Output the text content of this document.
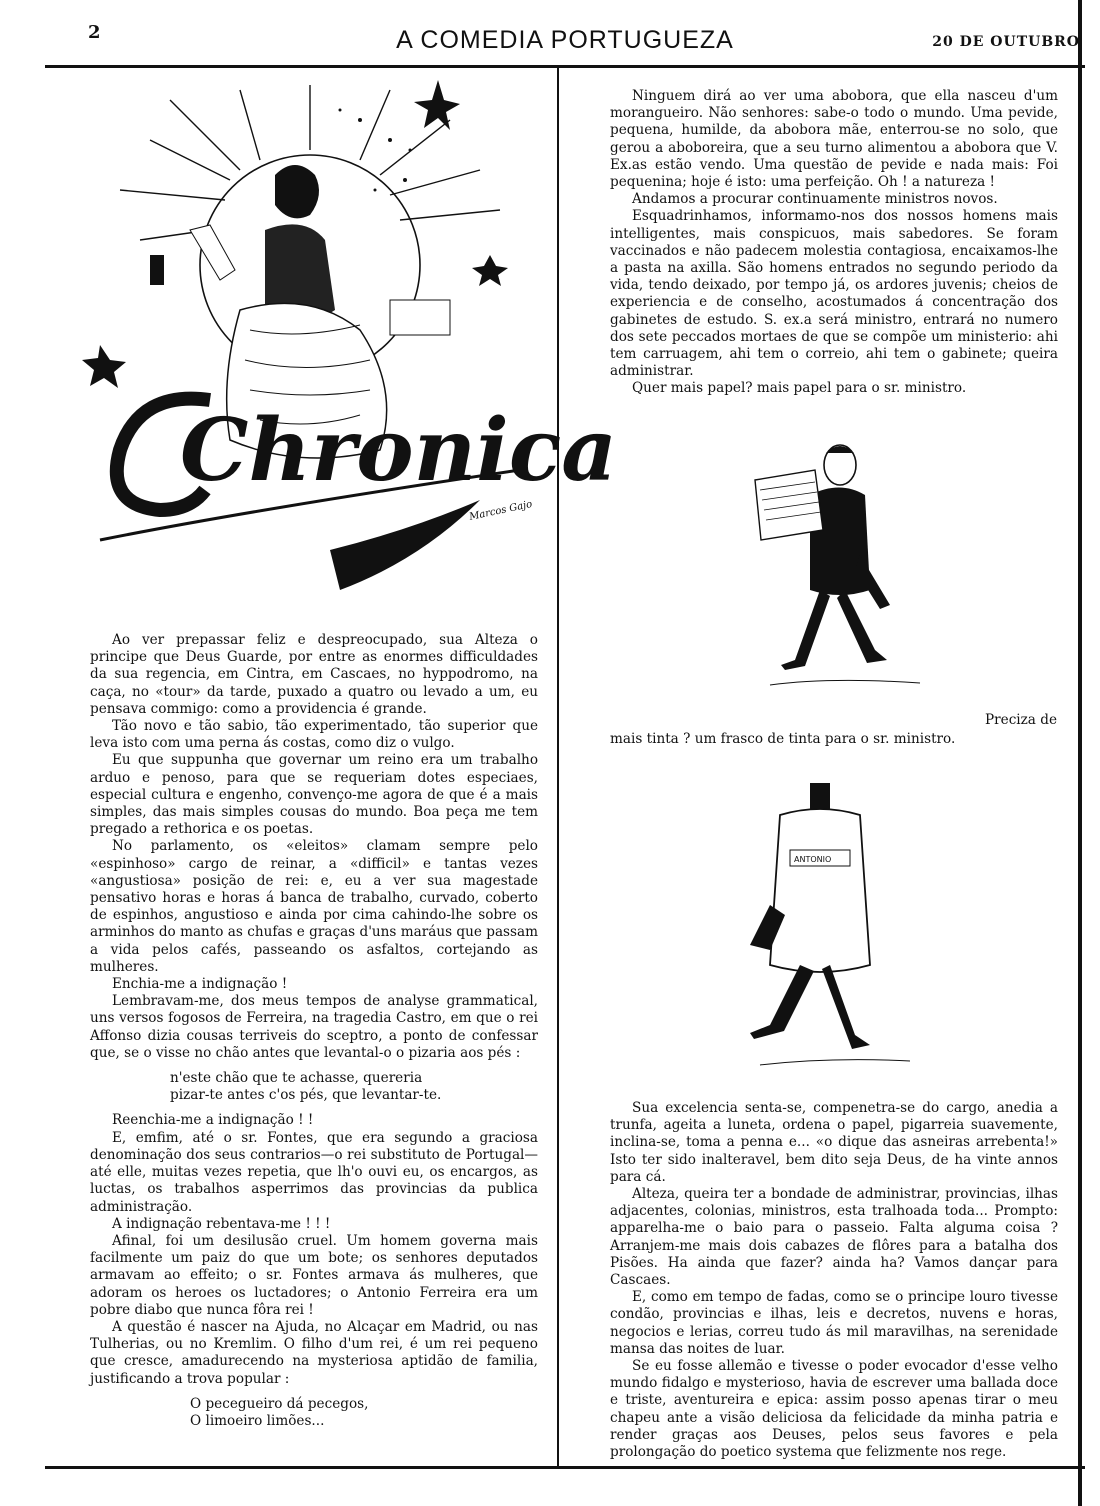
2	A COMEDIA PORTUGUEZA	20 DE OUTUBRO
Chronica
Marcos Gajo

Ao ver prepassar feliz e despreocupado, sua Alteza o principe que Deus Guarde, por entre as enormes difficuldades da sua regencia, em Cintra, em Cascaes, no hyppodromo, na caça, no «tour» da tarde, puxado a quatro ou levado a um, eu pensava commigo: como a providencia é grande.

Tão novo e tão sabio, tão experimentado, tão superior que leva isto com uma perna ás costas, como diz o vulgo.

Eu que suppunha que governar um reino era um trabalho arduo e penoso, para que se requeriam dotes especiaes, especial cultura e engenho, convenço-me agora de que é a mais simples, das mais simples cousas do mundo. Boa peça me tem pregado a rethorica e os poetas.

No parlamento, os «eleitos» clamam sempre pelo «espinhoso» cargo de reinar, a «difficil» e tantas vezes «angustiosa» posição de rei: e, eu a ver sua magestade pensativo horas e horas á banca de trabalho, curvado, coberto de espinhos, angustioso e ainda por cima cahindo-lhe sobre os arminhos do manto as chufas e graças d'uns maráus que passam a vida pelos cafés, passeando os asfaltos, cortejando as mulheres.

Enchia-me a indignação !

Lembravam-me, dos meus tempos de analyse grammatical, uns versos fogosos de Ferreira, na tragedia Castro, em que o rei Affonso dizia cousas terriveis do sceptro, a ponto de confessar que, se o visse no chão antes que levantal-o o pizaria aos pés :

n'este chão que te achasse, quereria
pizar-te antes c'os pés, que levantar-te.

Reenchia-me a indignação ! !

E, emfim, até o sr. Fontes, que era segundo a graciosa denominação dos seus contrarios—o rei substituto de Portugal—até elle, muitas vezes repetia, que lh'o ouvi eu, os encargos, as luctas, os trabalhos asperrimos das provincias da publica administração.

A indignação rebentava-me ! ! !

Afinal, foi um desilusão cruel. Um homem governa mais facilmente um paiz do que um bote; os senhores deputados armavam ao effeito; o sr. Fontes armava ás mulheres, que adoram os heroes os luctadores; o Antonio Ferreira era um pobre diabo que nunca fôra rei !

A questão é nascer na Ajuda, no Alcaçar em Madrid, ou nas Tulherias, ou no Kremlim. O filho d'um rei, é um rei pequeno que cresce, amadurecendo na mysteriosa aptidão de familia, justificando a trova popular :

O pecegueiro dá pecegos,
O limoeiro limões...

Ninguem dirá ao ver uma abobora, que ella nasceu d'um morangueiro. Não senhores: sabe-o todo o mundo. Uma pevide, pequena, humilde, da abobora mãe, enterrou-se no solo, que gerou a aboboreira, que a seu turno alimentou a abobora que V. Ex.as estão vendo. Uma questão de pevide e nada mais: Foi pequenina; hoje é isto: uma perfeição. Oh ! a natureza !

Andamos a procurar continuamente ministros novos.

Esquadrinhamos, informamo-nos dos nossos homens mais intelligentes, mais conspicuos, mais sabedores. Se foram vaccinados e não padecem molestia contagiosa, encaixamos-lhe a pasta na axilla. São homens entrados no segundo periodo da vida, tendo deixado, por tempo já, os ardores juvenis; cheios de experiencia e de conselho, acostumados á concentração dos gabinetes de estudo. S. ex.a será ministro, entrará no numero dos sete peccados mortaes de que se compõe um ministerio: ahi tem carruagem, ahi tem o correio, ahi tem o gabinete; queira administrar.

Quer mais papel? mais papel para o sr. ministro.

Preciza de
mais tinta ? um frasco de tinta para o sr. ministro.
ANTONIO

Sua excelencia senta-se, compenetra-se do cargo, anedia a trunfa, ageita a luneta, ordena o papel, pigarreia suavemente, inclina-se, toma a penna e... «o dique das asneiras arrebenta!» Isto ter sido inalteravel, bem dito seja Deus, de ha vinte annos para cá.

Alteza, queira ter a bondade de administrar, provincias, ilhas adjacentes, colonias, ministros, esta tralhoada toda... Prompto: apparelha-me o baio para o passeio. Falta alguma coisa ? Arranjem-me mais dois cabazes de flôres para a batalha dos Pisões. Ha ainda que fazer? ainda ha? Vamos dançar para Cascaes.

E, como em tempo de fadas, como se o principe louro tivesse condão, provincias e ilhas, leis e decretos, nuvens e horas, negocios e lerias, correu tudo ás mil maravilhas, na serenidade mansa das noites de luar.

Se eu fosse allemão e tivesse o poder evocador d'esse velho mundo fidalgo e mysterioso, havia de escrever uma ballada doce e triste, aventureira e epica: assim posso apenas tirar o meu chapeu ante a visão deliciosa da felicidade da minha patria e render graças aos Deuses, pelos seus favores e pela prolongação do poetico systema que felizmente nos rege.
